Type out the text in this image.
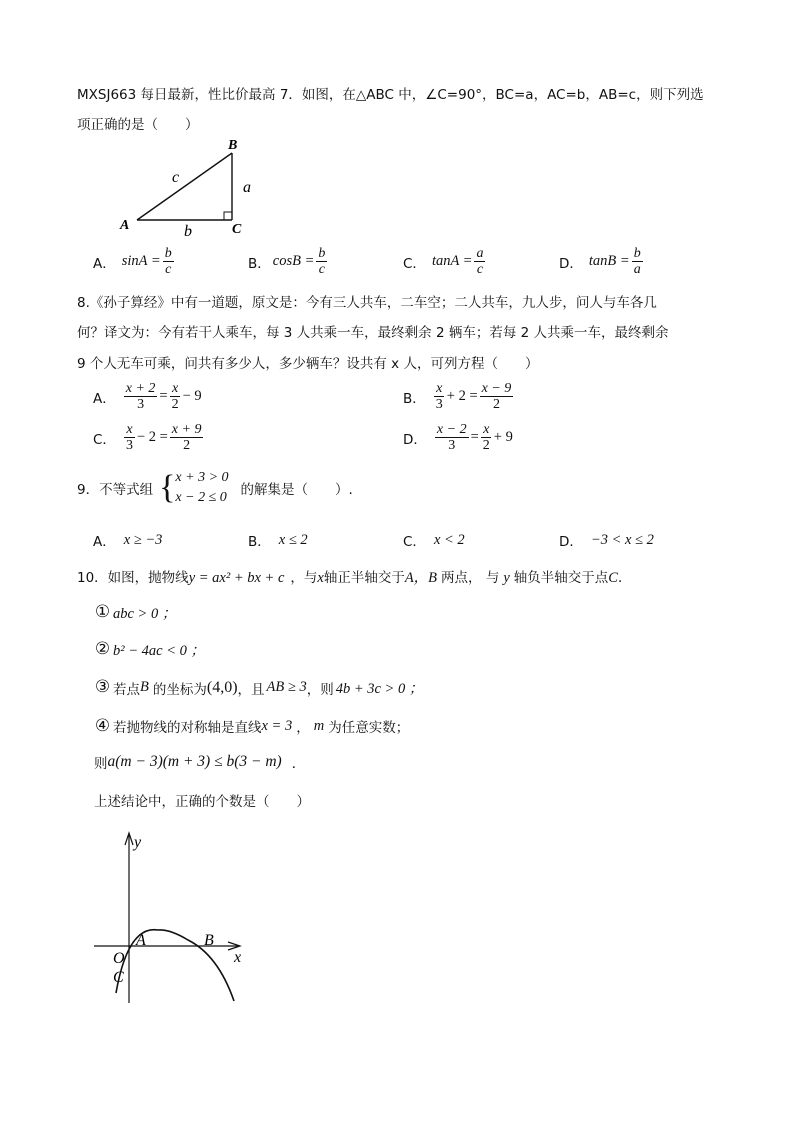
MXSJ663 每日最新，性比价最高 7．如图，在△ABC 中，∠C=90°，BC=a，AC=b，AB=c，则下列选
项正确的是（　　）
A
B
C
a
b
c
A． $\sin A = \frac{b}{c}$	B． $\cos B = \frac{b}{c}$	C． $\tan A = \frac{a}{c}$	D． $\tan B = \frac{b}{a}$
8.《孙子算经》中有一道题，原文是：今有三人共车，二车空；二人共车，九人步，问人与车各几
何？译文为：今有若干人乘车，每 3 人共乘一车，最终剩余 2 辆车；若每 2 人共乘一车，最终剩余
9 个人无车可乘，问共有多少人，多少辆车？设共有 x 人，可列方程（　　）
A． $\frac{x + 2}{3} = \frac{x}{2} - 9$	B． $\frac{x}{3} + 2 = \frac{x - 9}{2}$
C． $\frac{x}{3} - 2 = \frac{x + 9}{2}$	D． $\frac{x - 2}{3} = \frac{x}{2} + 9$
9．不等式组 { x + 3 > 0
x − 2 ≤ 0 的解集是（　　）.
A． x ≥ −3	B． x ≤ 2	C． x < 2	D． −3 < x ≤ 2
10．如图，抛物线 y = ax² + bx + c ，与 x 轴正半轴交于 A，B 两点， 与 y 轴负半轴交于点 C ．
① abc > 0 ；
② b² − 4ac < 0 ；
③ 若点 B 的坐标为 (4,0) ，且 AB ≥ 3 ，则 4b + 3c > 0 ；
④ 若抛物线的对称轴是直线 x = 3 ， m 为任意实数；
则 a(m − 3)(m + 3) ≤ b(3 − m) ．
上述结论中，正确的个数是（　　）
y
x
O
A	B
C
